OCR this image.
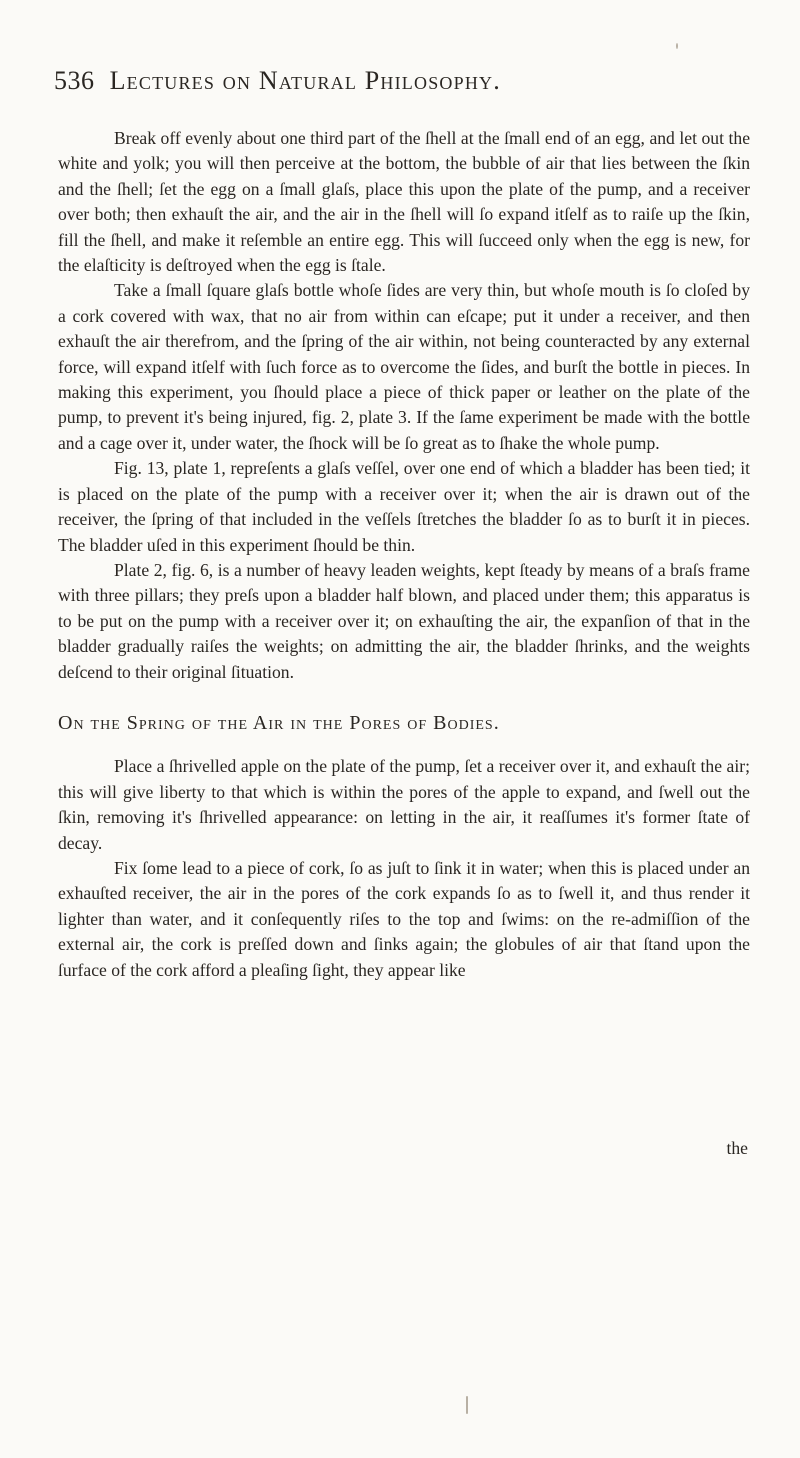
536 Lectures on Natural Philosophy.

Break off evenly about one third part of the ſhell at the ſmall end of an egg, and let out the white and yolk; you will then perceive at the bottom, the bubble of air that lies between the ſkin and the ſhell; ſet the egg on a ſmall glaſs, place this upon the plate of the pump, and a receiver over both; then exhauſt the air, and the air in the ſhell will ſo expand itſelf as to raiſe up the ſkin, fill the ſhell, and make it reſemble an entire egg. This will ſucceed only when the egg is new, for the elaſticity is deſtroyed when the egg is ſtale.

Take a ſmall ſquare glaſs bottle whoſe ſides are very thin, but whoſe mouth is ſo cloſed by a cork covered with wax, that no air from within can eſcape; put it under a receiver, and then exhauſt the air therefrom, and the ſpring of the air within, not being counteracted by any external force, will expand itſelf with ſuch force as to overcome the ſides, and burſt the bottle in pieces. In making this experiment, you ſhould place a piece of thick paper or leather on the plate of the pump, to prevent it's being injured, fig. 2, plate 3. If the ſame experiment be made with the bottle and a cage over it, under water, the ſhock will be ſo great as to ſhake the whole pump.

Fig. 13, plate 1, repreſents a glaſs veſſel, over one end of which a bladder has been tied; it is placed on the plate of the pump with a receiver over it; when the air is drawn out of the receiver, the ſpring of that included in the veſſels ſtretches the bladder ſo as to burſt it in pieces. The bladder uſed in this experiment ſhould be thin.

Plate 2, fig. 6, is a number of heavy leaden weights, kept ſteady by means of a braſs frame with three pillars; they preſs upon a bladder half blown, and placed under them; this apparatus is to be put on the pump with a receiver over it; on exhauſting the air, the expanſion of that in the bladder gradually raiſes the weights; on admitting the air, the bladder ſhrinks, and the weights deſcend to their original ſituation.

On the Spring of the Air in the Pores of Bodies.

Place a ſhrivelled apple on the plate of the pump, ſet a receiver over it, and exhauſt the air; this will give liberty to that which is within the pores of the apple to expand, and ſwell out the ſkin, removing it's ſhrivelled appearance: on letting in the air, it reaſſumes it's former ſtate of decay.

Fix ſome lead to a piece of cork, ſo as juſt to ſink it in water; when this is placed under an exhauſted receiver, the air in the pores of the cork expands ſo as to ſwell it, and thus render it lighter than water, and it conſequently riſes to the top and ſwims: on the re-admiſſion of the external air, the cork is preſſed down and ſinks again; the globules of air that ſtand upon the ſurface of the cork afford a pleaſing ſight, they appear like

the
